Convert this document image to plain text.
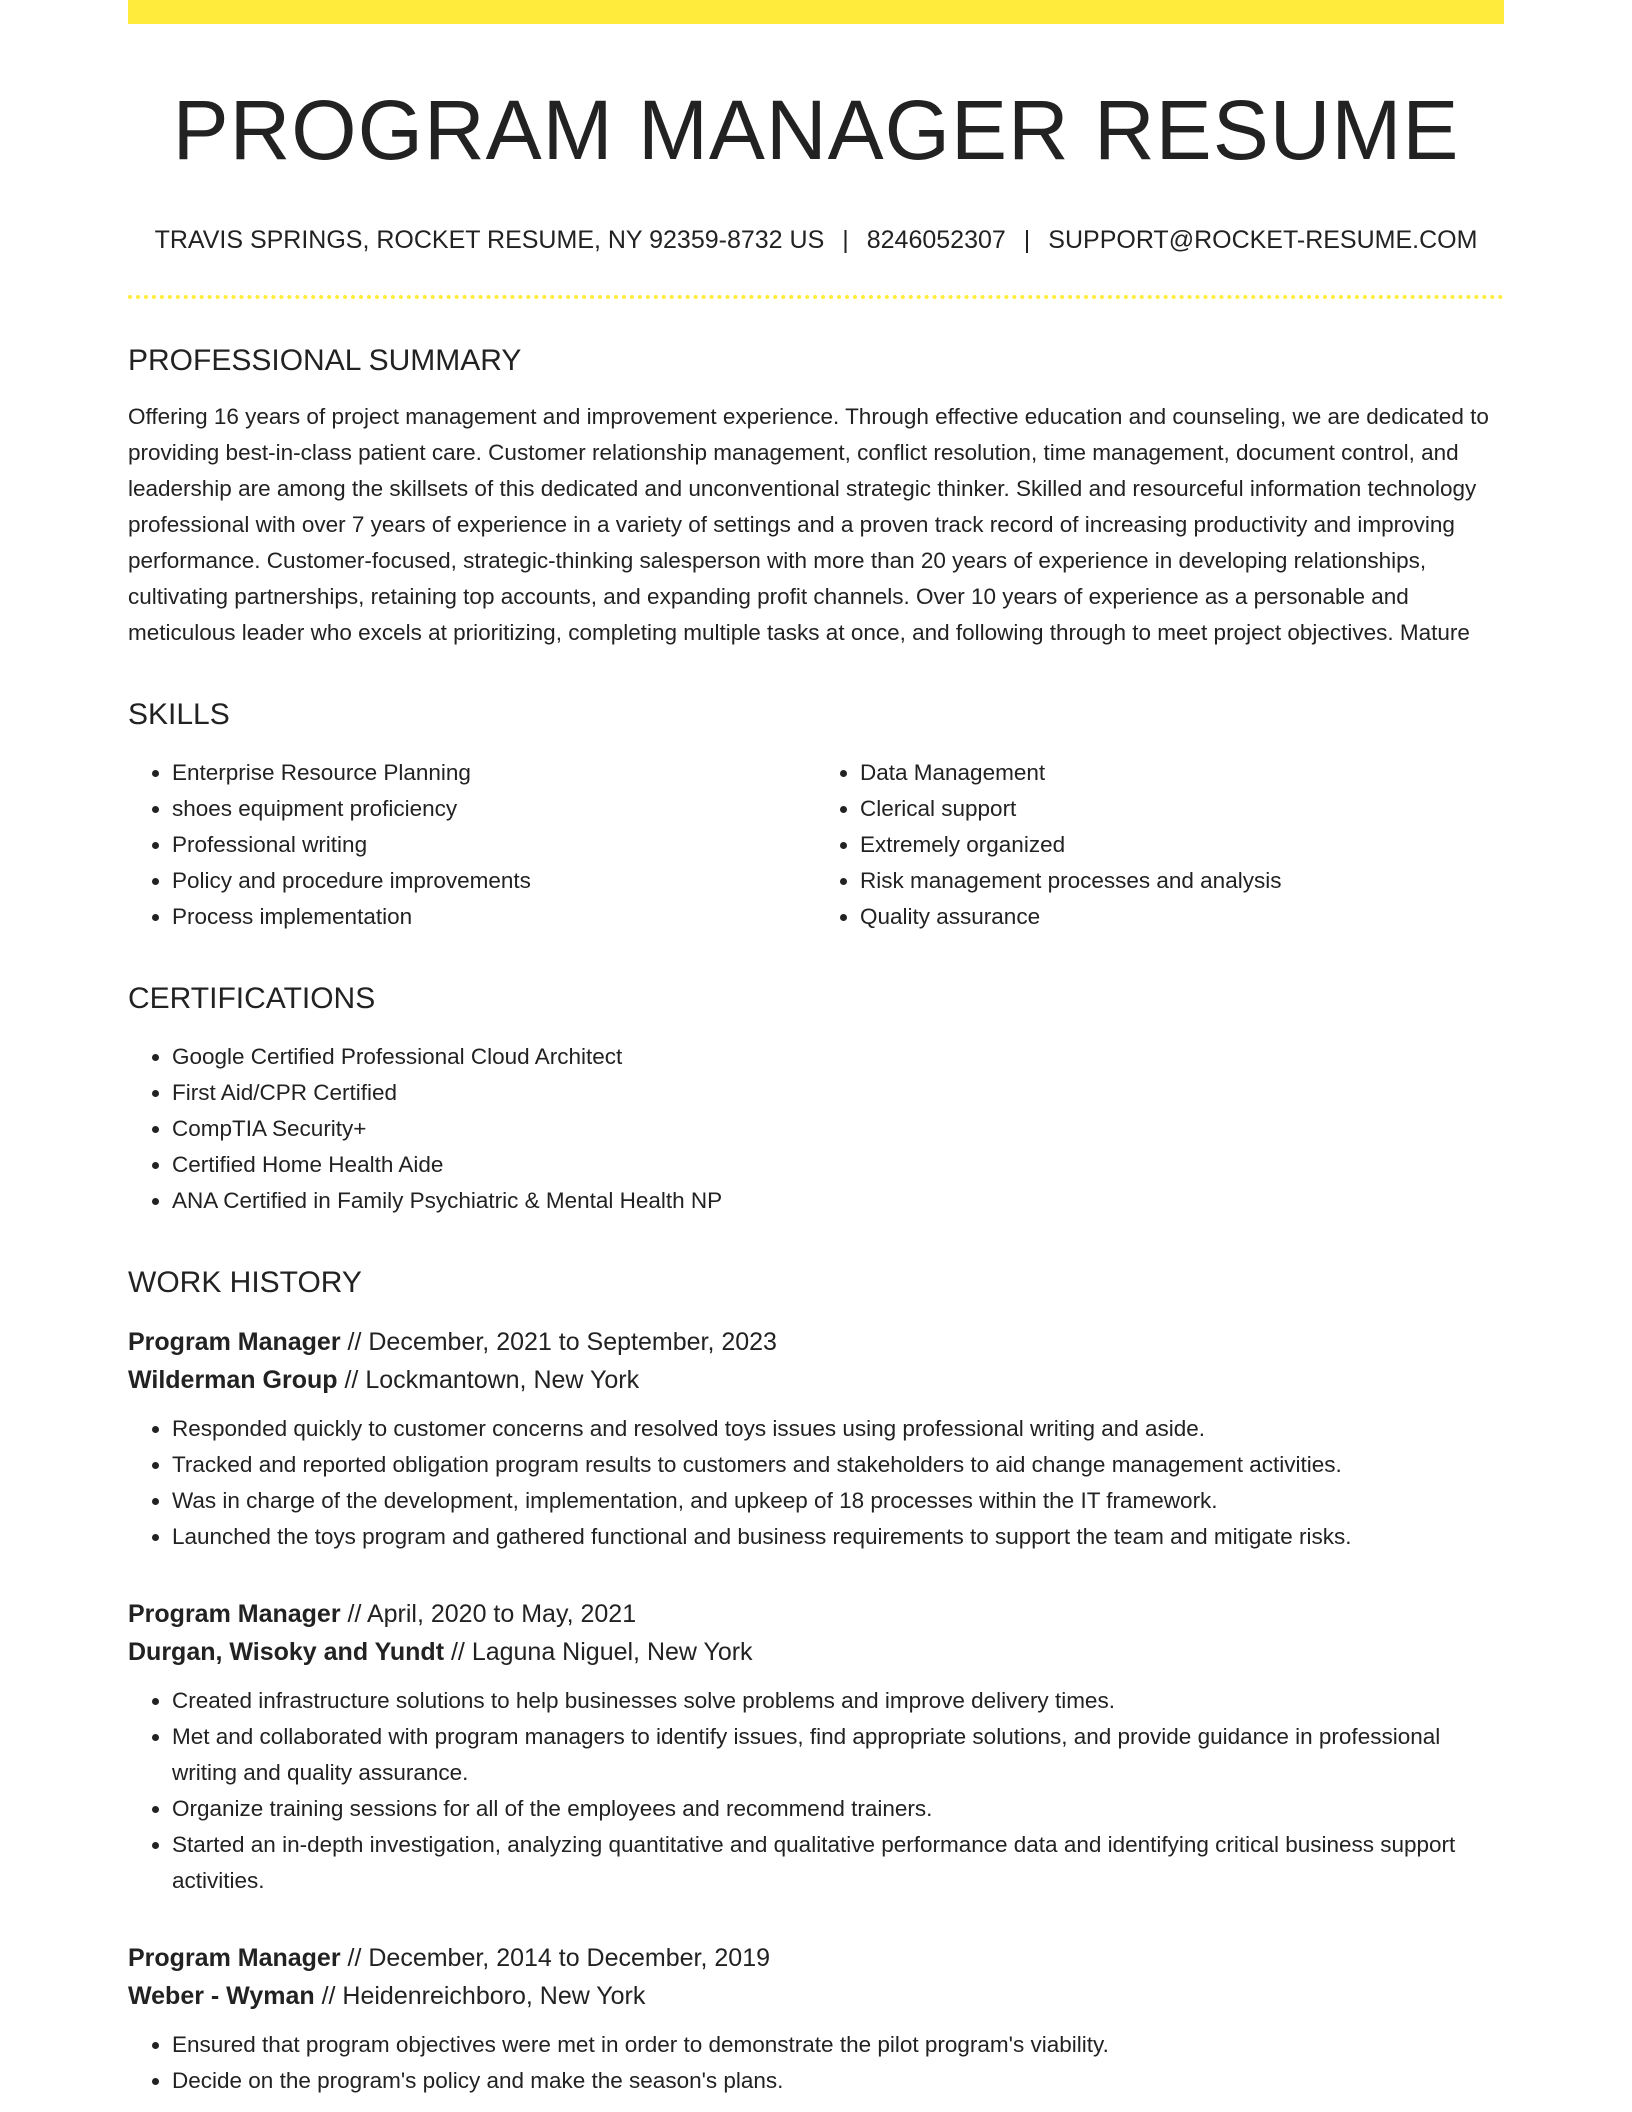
PROGRAM MANAGER RESUME
TRAVIS SPRINGS, ROCKET RESUME, NY 92359-8732 US | 8246052307 | SUPPORT@ROCKET-RESUME.COM
PROFESSIONAL SUMMARY

Offering 16 years of project management and improvement experience. Through effective education and counseling, we are dedicated to providing best-in-class patient care. Customer relationship management, conflict resolution, time management, document control, and leadership are among the skillsets of this dedicated and unconventional strategic thinker. Skilled and resourceful information technology professional with over 7 years of experience in a variety of settings and a proven track record of increasing productivity and improving performance. Customer-focused, strategic-thinking salesperson with more than 20 years of experience in developing relationships, cultivating partnerships, retaining top accounts, and expanding profit channels. Over 10 years of experience as a personable and meticulous leader who excels at prioritizing, completing multiple tasks at once, and following through to meet project objectives. Mature

SKILLS
• Enterprise Resource Planning
• shoes equipment proficiency
• Professional writing
• Policy and procedure improvements
• Process implementation
• Data Management
• Clerical support
• Extremely organized
• Risk management processes and analysis
• Quality assurance
CERTIFICATIONS
• Google Certified Professional Cloud Architect
• First Aid/CPR Certified
• CompTIA Security+
• Certified Home Health Aide
• ANA Certified in Family Psychiatric & Mental Health NP
WORK HISTORY
Program Manager // December, 2021 to September, 2023
Wilderman Group // Lockmantown, New York
• Responded quickly to customer concerns and resolved toys issues using professional writing and aside.
• Tracked and reported obligation program results to customers and stakeholders to aid change management activities.
• Was in charge of the development, implementation, and upkeep of 18 processes within the IT framework.
• Launched the toys program and gathered functional and business requirements to support the team and mitigate risks.
Program Manager // April, 2020 to May, 2021
Durgan, Wisoky and Yundt // Laguna Niguel, New York
• Created infrastructure solutions to help businesses solve problems and improve delivery times.
• Met and collaborated with program managers to identify issues, find appropriate solutions, and provide guidance in professional writing and quality assurance.
• Organize training sessions for all of the employees and recommend trainers.
• Started an in-depth investigation, analyzing quantitative and qualitative performance data and identifying critical business support activities.
Program Manager // December, 2014 to December, 2019
Weber - Wyman // Heidenreichboro, New York
• Ensured that program objectives were met in order to demonstrate the pilot program's viability.
• Decide on the program's policy and make the season's plans.
